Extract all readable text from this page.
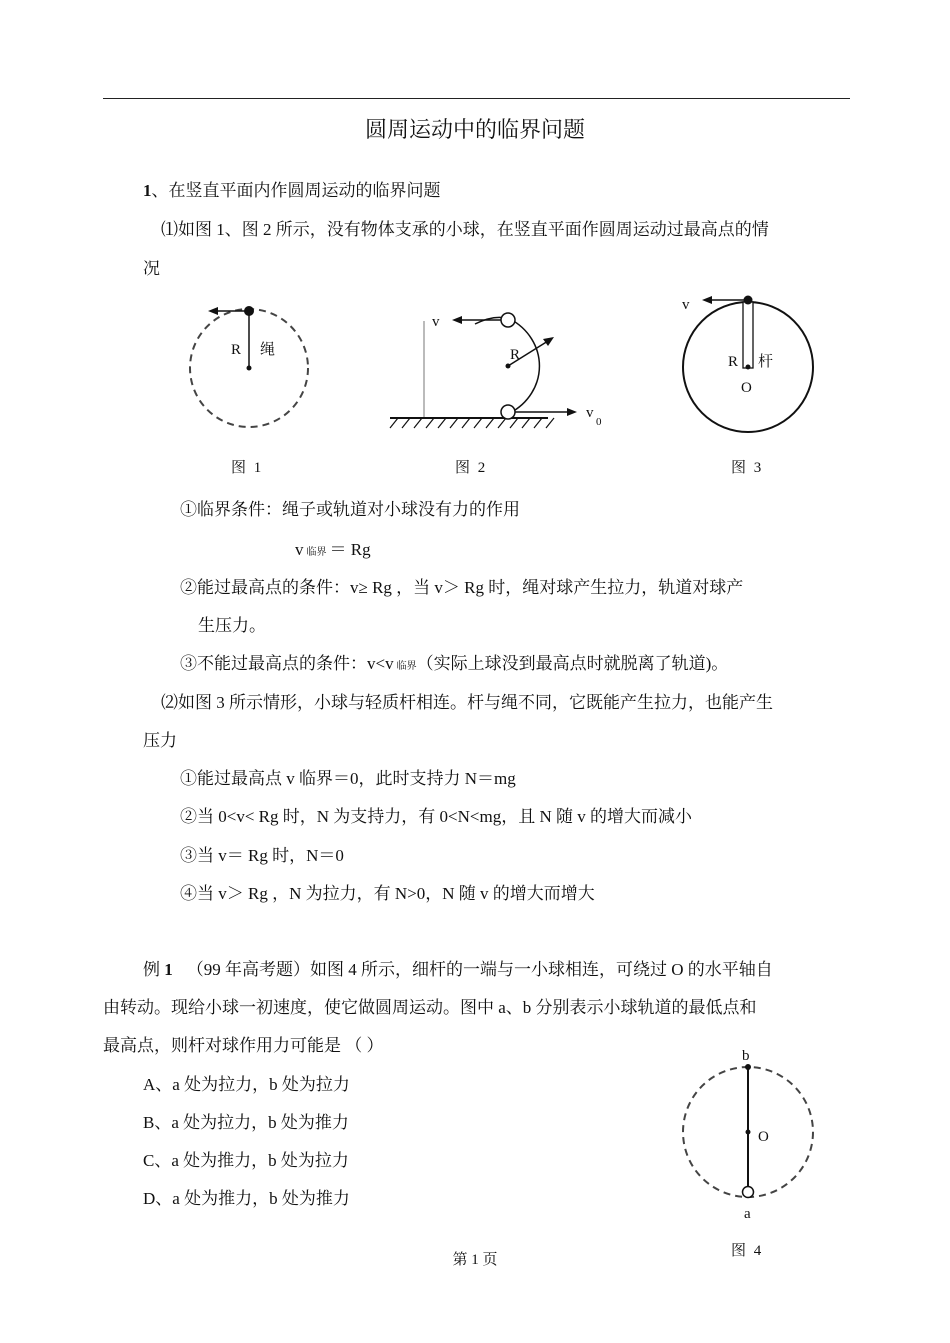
圆周运动中的临界问题
1、在竖直平面内作圆周运动的临界问题
⑴如图 1、图 2 所示，没有物体支承的小球，在竖直平面作圆周运动过最高点的情
况
R 绳
图 1
v
R
v
0
图 2
v
R 杆
O
图 3
①临界条件：绳子或轨道对小球没有力的作用
v临界 ＝ Rg
②能过最高点的条件：v≥ Rg ，当 v＞ Rg 时，绳对球产生拉力，轨道对球产
生压力。
③不能过最高点的条件：v<v 临界（实际上球没到最高点时就脱离了轨道)。
⑵如图 3 所示情形，小球与轻质杆相连。杆与绳不同，它既能产生拉力，也能产生
压力
①能过最高点 v 临界＝0，此时支持力 N＝mg
②当 0<v< Rg 时，N 为支持力，有 0<N<mg，且 N 随 v 的增大而减小
③当 v＝ Rg 时，N＝0
④当 v＞ Rg ，N 为拉力，有 N>0，N 随 v 的增大而增大
例 1 （99 年高考题）如图 4 所示，细杆的一端与一小球相连，可绕过 O 的水平轴自
由转动。现给小球一初速度，使它做圆周运动。图中 a、b 分别表示小球轨道的最低点和
最高点，则杆对球作用力可能是 （ ）
A、a 处为拉力，b 处为拉力
B、a 处为拉力，b 处为推力
C、a 处为推力，b 处为拉力
D、a 处为推力，b 处为推力
b
O
a
图 4
第 1 页
